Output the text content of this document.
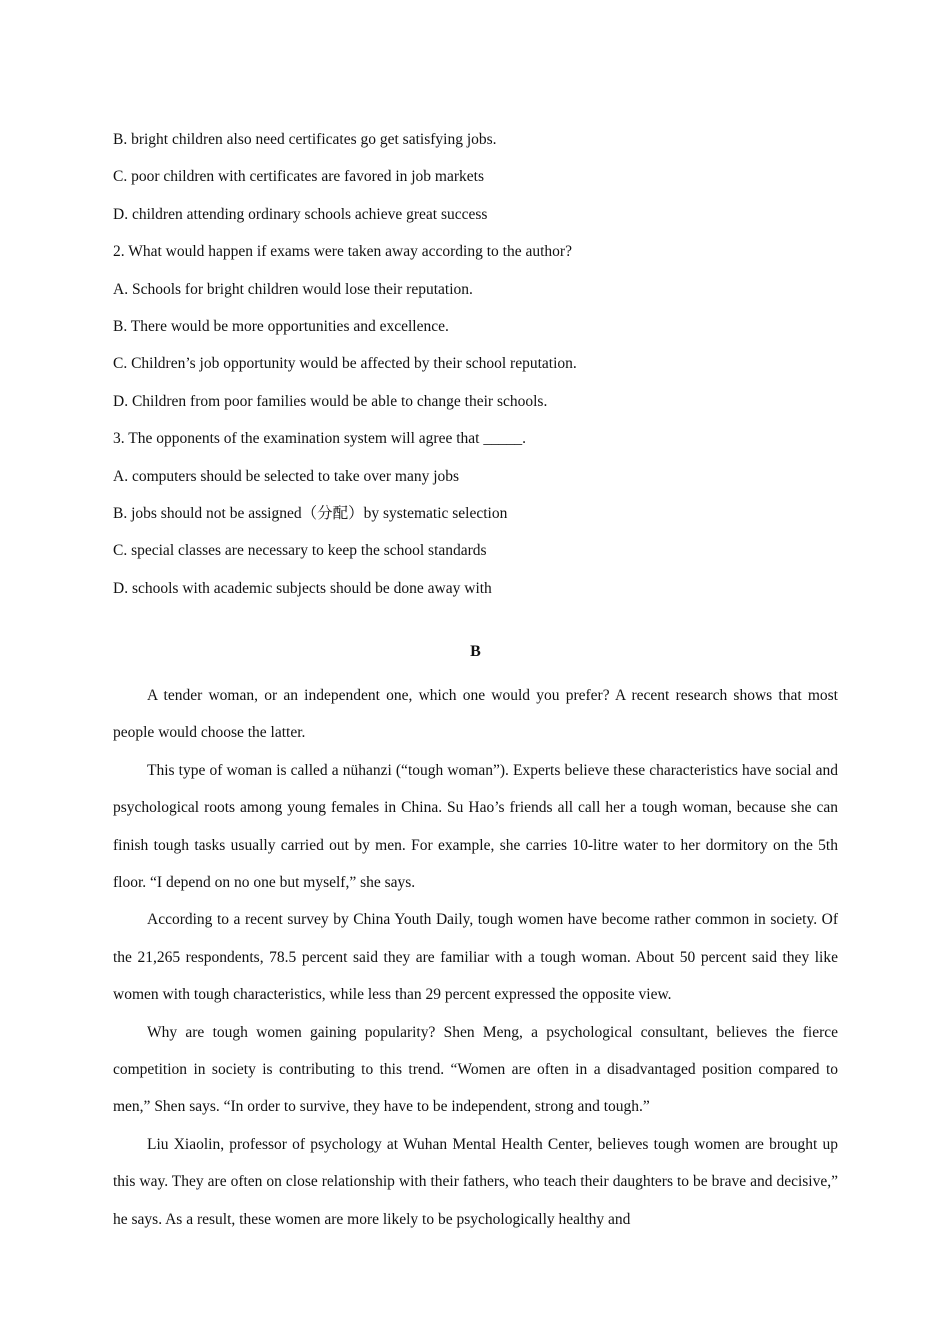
B. bright children also need certificates go get satisfying jobs.
C. poor children with certificates are favored in job markets
D. children attending ordinary schools achieve great success
2. What would happen if exams were taken away according to the author?
A. Schools for bright children would lose their reputation.
B. There would be more opportunities and excellence.
C. Children’s job opportunity would be affected by their school reputation.
D. Children from poor families would be able to change their schools.
3. The opponents of the examination system will agree that _____.
A. computers should be selected to take over many jobs
B. jobs should not be assigned（分配）by systematic selection
C. special classes are necessary to keep the school standards
D. schools with academic subjects should be done away with
B

A tender woman, or an independent one, which one would you prefer? A recent research shows that most people would choose the latter.

This type of woman is called a nühanzi (“tough woman”). Experts believe these characteristics have social and psychological roots among young females in China. Su Hao’s friends all call her a tough woman, because she can finish tough tasks usually carried out by men. For example, she carries 10-litre water to her dormitory on the 5th floor. “I depend on no one but myself,” she says.

According to a recent survey by China Youth Daily, tough women have become rather common in society. Of the 21,265 respondents, 78.5 percent said they are familiar with a tough woman. About 50 percent said they like women with tough characteristics, while less than 29 percent expressed the opposite view.

Why are tough women gaining popularity? Shen Meng, a psychological consultant, believes the fierce competition in society is contributing to this trend. “Women are often in a disadvantaged position compared to men,” Shen says. “In order to survive, they have to be independent, strong and tough.”

Liu Xiaolin, professor of psychology at Wuhan Mental Health Center, believes tough women are brought up this way. They are often on close relationship with their fathers, who teach their daughters to be brave and decisive,” he says. As a result, these women are more likely to be psychologically healthy and
